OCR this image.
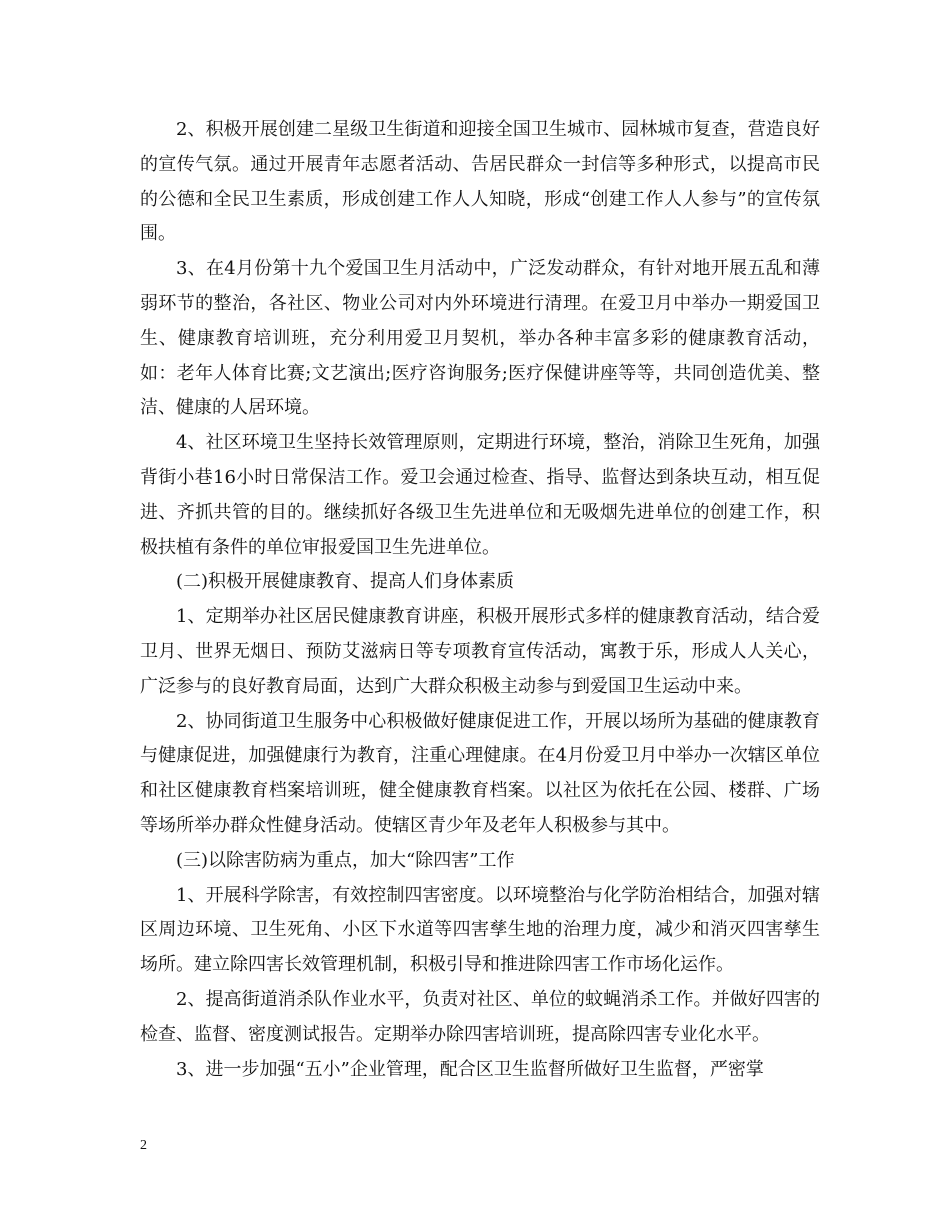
2、积极开展创建二星级卫生街道和迎接全国卫生城市、园林城市复查，营造良好的宣传气氛。通过开展青年志愿者活动、告居民群众一封信等多种形式，以提高市民的公德和全民卫生素质，形成创建工作人人知晓，形成“创建工作人人参与”的宣传氛围。

3、在4月份第十九个爱国卫生月活动中，广泛发动群众，有针对地开展五乱和薄弱环节的整治，各社区、物业公司对内外环境进行清理。在爱卫月中举办一期爱国卫生、健康教育培训班，充分利用爱卫月契机，举办各种丰富多彩的健康教育活动，如：老年人体育比赛;文艺演出;医疗咨询服务;医疗保健讲座等等，共同创造优美、整洁、健康的人居环境。

4、社区环境卫生坚持长效管理原则，定期进行环境，整治，消除卫生死角，加强背街小巷16小时日常保洁工作。爱卫会通过检查、指导、监督达到条块互动，相互促进、齐抓共管的目的。继续抓好各级卫生先进单位和无吸烟先进单位的创建工作，积极扶植有条件的单位审报爱国卫生先进单位。

(二)积极开展健康教育、提高人们身体素质

1、定期举办社区居民健康教育讲座，积极开展形式多样的健康教育活动，结合爱卫月、世界无烟日、预防艾滋病日等专项教育宣传活动，寓教于乐，形成人人关心，广泛参与的良好教育局面，达到广大群众积极主动参与到爱国卫生运动中来。

2、协同街道卫生服务中心积极做好健康促进工作，开展以场所为基础的健康教育与健康促进，加强健康行为教育，注重心理健康。在4月份爱卫月中举办一次辖区单位和社区健康教育档案培训班，健全健康教育档案。以社区为依托在公园、楼群、广场等场所举办群众性健身活动。使辖区青少年及老年人积极参与其中。

(三)以除害防病为重点，加大“除四害”工作

1、开展科学除害，有效控制四害密度。以环境整治与化学防治相结合，加强对辖区周边环境、卫生死角、小区下水道等四害孳生地的治理力度，减少和消灭四害孳生场所。建立除四害长效管理机制，积极引导和推进除四害工作市场化运作。

2、提高街道消杀队作业水平，负责对社区、单位的蚊蝇消杀工作。并做好四害的检查、监督、密度测试报告。定期举办除四害培训班，提高除四害专业化水平。

3、进一步加强“五小”企业管理，配合区卫生监督所做好卫生监督，严密掌

2
